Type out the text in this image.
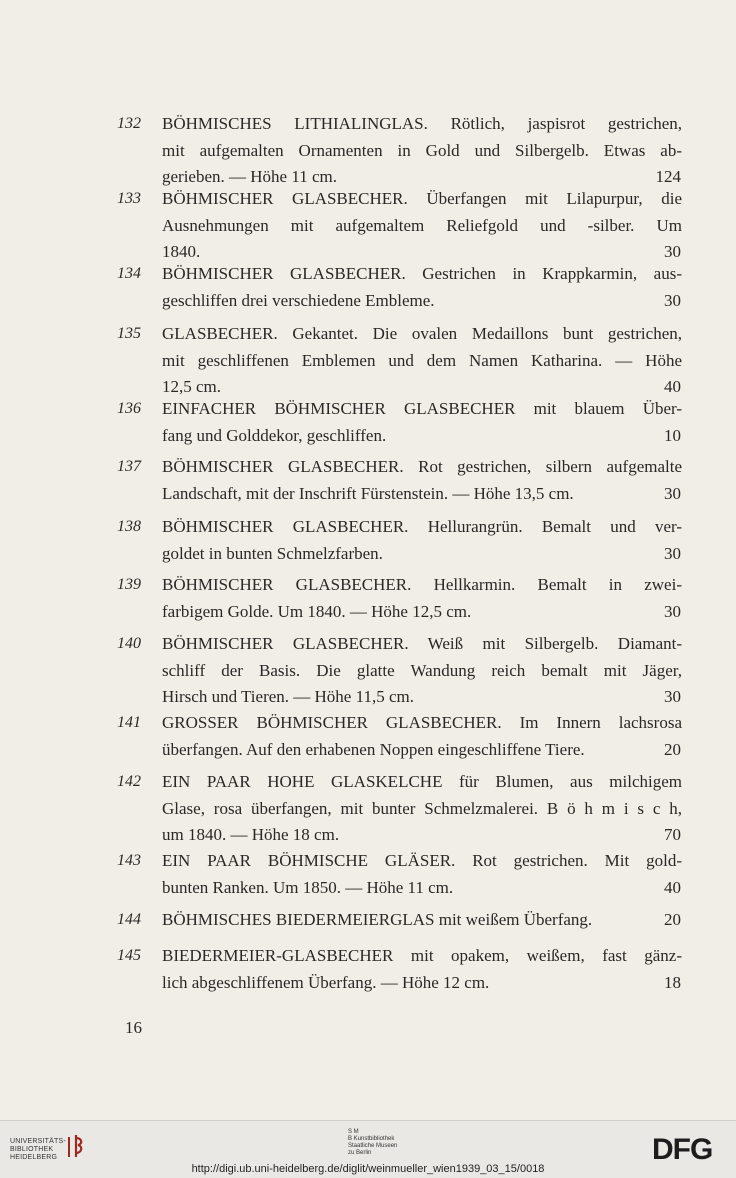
132 BÖHMISCHES LITHIALINGLAS. Rötlich, jaspisrot gestrichen,
mit aufgemalten Ornamenten in Gold und Silbergelb. Etwas ab-
gerieben. — Höhe 11 cm.	124
133 BÖHMISCHER GLASBECHER. Überfangen mit Lilapurpur, die
Ausnehmungen mit aufgemaltem Reliefgold und -silber. Um
1840.	30
134 BÖHMISCHER GLASBECHER. Gestrichen in Krappkarmin, aus-
geschliffen drei verschiedene Embleme.	30
135 GLASBECHER. Gekantet. Die ovalen Medaillons bunt gestrichen,
mit geschliffenen Emblemen und dem Namen Katharina. — Höhe
12,5 cm.	40
136 EINFACHER BÖHMISCHER GLASBECHER mit blauem Über-
fang und Golddekor, geschliffen.	10
137 BÖHMISCHER GLASBECHER. Rot gestrichen, silbern aufgemalte
Landschaft, mit der Inschrift Fürstenstein. — Höhe 13,5 cm.	30
138 BÖHMISCHER GLASBECHER. Hellurangrün. Bemalt und ver-
goldet in bunten Schmelzfarben.	30
139 BÖHMISCHER GLASBECHER. Hellkarmin. Bemalt in zwei-
farbigem Golde. Um 1840. — Höhe 12,5 cm.	30
140 BÖHMISCHER GLASBECHER. Weiß mit Silbergelb. Diamant-
schliff der Basis. Die glatte Wandung reich bemalt mit Jäger,
Hirsch und Tieren. — Höhe 11,5 cm.	30
141 GROSSER BÖHMISCHER GLASBECHER. Im Innern lachsrosa
überfangen. Auf den erhabenen Noppen eingeschliffene Tiere.	20
142 EIN PAAR HOHE GLASKELCHE für Blumen, aus milchigem
Glase, rosa überfangen, mit bunter Schmelzmalerei. B ö h m i s c h,
um 1840. — Höhe 18 cm.	70
143 EIN PAAR BÖHMISCHE GLÄSER. Rot gestrichen. Mit gold-
bunten Ranken. Um 1850. — Höhe 11 cm.	40
144 BÖHMISCHES BIEDERMEIERGLAS mit weißem Überfang.	20
145 BIEDERMEIER-GLASBECHER mit opakem, weißem, fast gänz-
lich abgeschliffenem Überfang. — Höhe 12 cm.	18
16
UNIVERSITÄTS-
BIBLIOTHEK
HEIDELBERG
S M
B Kunstbibliothek
Staatliche Museen
zu Berlin	DFG
http://digi.ub.uni-heidelberg.de/diglit/weinmueller_wien1939_03_15/0018
